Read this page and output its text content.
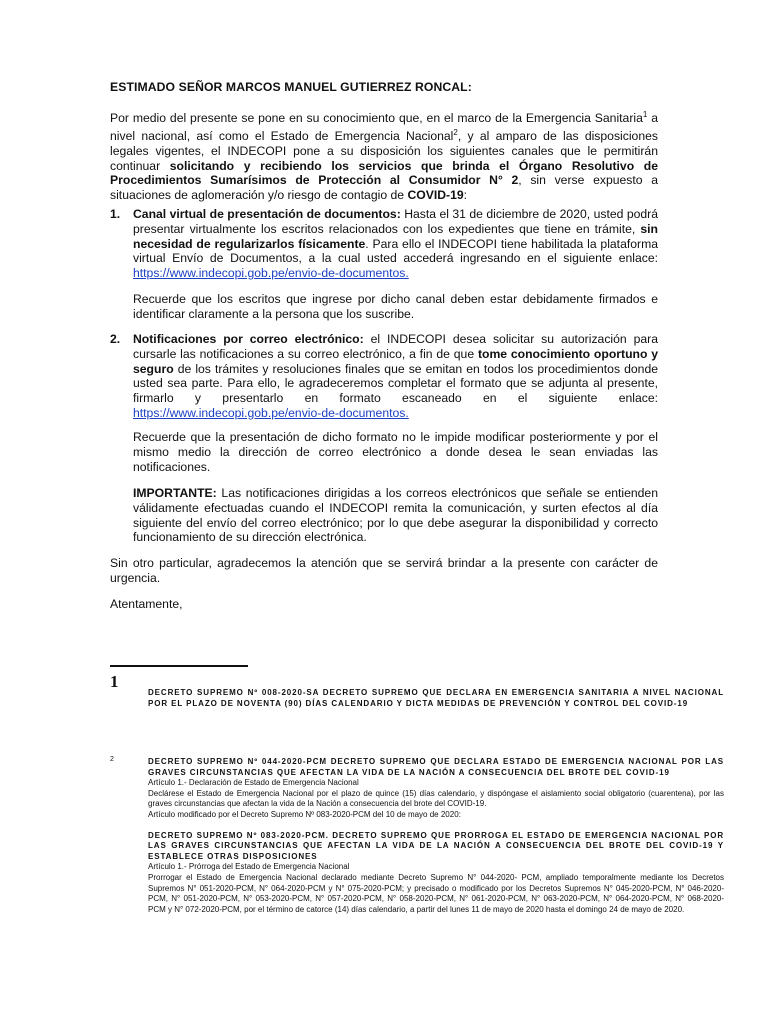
ESTIMADO SEÑOR MARCOS MANUEL GUTIERREZ RONCAL:

Por medio del presente se pone en su conocimiento que, en el marco de la Emergencia Sanitaria$^1$ a nivel nacional, así como el Estado de Emergencia Nacional$^2$, y al amparo de las disposiciones legales vigentes, el INDECOPI pone a su disposición los siguientes canales que le permitirán continuar solicitando y recibiendo los servicios que brinda el Órgano Resolutivo de Procedimientos Sumarísimos de Protección al Consumidor N° 2, sin verse expuesto a situaciones de aglomeración y/o riesgo de contagio de COVID-19:

1. Canal virtual de presentación de documentos: Hasta el 31 de diciembre de 2020, usted podrá presentar virtualmente los escritos relacionados con los expedientes que tiene en trámite, sin necesidad de regularizarlos físicamente. Para ello el INDECOPI tiene habilitada la plataforma virtual Envío de Documentos, a la cual usted accederá ingresando en el siguiente enlace: https://www.indecopi.gob.pe/envio-de-documentos.

Recuerde que los escritos que ingrese por dicho canal deben estar debidamente firmados e identificar claramente a la persona que los suscribe.

2. Notificaciones por correo electrónico: el INDECOPI desea solicitar su autorización para cursarle las notificaciones a su correo electrónico, a fin de que tome conocimiento oportuno y seguro de los trámites y resoluciones finales que se emitan en todos los procedimientos donde usted sea parte. Para ello, le agradeceremos completar el formato que se adjunta al presente, firmarlo y presentarlo en formato escaneado en el siguiente enlace: https://www.indecopi.gob.pe/envio-de-documentos.

Recuerde que la presentación de dicho formato no le impide modificar posteriormente y por el mismo medio la dirección de correo electrónico a donde desea le sean enviadas las notificaciones.

IMPORTANTE: Las notificaciones dirigidas a los correos electrónicos que señale se entienden válidamente efectuadas cuando el INDECOPI remita la comunicación, y surten efectos al día siguiente del envío del correo electrónico; por lo que debe asegurar la disponibilidad y correcto funcionamiento de su dirección electrónica.

Sin otro particular, agradecemos la atención que se servirá brindar a la presente con carácter de urgencia.

Atentamente,

1
DECRETO SUPREMO Nº 008-2020-SA DECRETO SUPREMO QUE DECLARA EN EMERGENCIA SANITARIA A NIVEL NACIONAL POR EL PLAZO DE NOVENTA (90) DÍAS CALENDARIO Y DICTA MEDIDAS DE PREVENCIÓN Y CONTROL DEL COVID-19
2	DECRETO SUPREMO Nº 044-2020-PCM DECRETO SUPREMO QUE DECLARA ESTADO DE EMERGENCIA NACIONAL POR LAS GRAVES CIRCUNSTANCIAS QUE AFECTAN LA VIDA DE LA NACIÓN A CONSECUENCIA DEL BROTE DEL COVID-19
Artículo 1.- Declaración de Estado de Emergencia Nacional
Declárese el Estado de Emergencia Nacional por el plazo de quince (15) días calendario, y dispóngase el aislamiento social obligatorio (cuarentena), por las graves circunstancias que afectan la vida de la Nación a consecuencia del brote del COVID-19.
Artículo modificado por el Decreto Supremo Nº 083-2020-PCM del 10 de mayo de 2020:
DECRETO SUPREMO Nº 083-2020-PCM. DECRETO SUPREMO QUE PRORROGA EL ESTADO DE EMERGENCIA NACIONAL POR LAS GRAVES CIRCUNSTANCIAS QUE AFECTAN LA VIDA DE LA NACIÓN A CONSECUENCIA DEL BROTE DEL COVID-19 Y ESTABLECE OTRAS DISPOSICIONES
Artículo 1.- Prórroga del Estado de Emergencia Nacional
Prorrogar el Estado de Emergencia Nacional declarado mediante Decreto Supremo N° 044-2020- PCM, ampliado temporalmente mediante los Decretos Supremos N° 051-2020-PCM, N° 064-2020-PCM y N° 075-2020-PCM; y precisado o modificado por los Decretos Supremos N° 045-2020-PCM, N° 046-2020-PCM, N° 051-2020-PCM, N° 053-2020-PCM, N° 057-2020-PCM, N° 058-2020-PCM, N° 061-2020-PCM, N° 063-2020-PCM, N° 064-2020-PCM, N° 068-2020-PCM y N° 072-2020-PCM, por el término de catorce (14) días calendario, a partir del lunes 11 de mayo de 2020 hasta el domingo 24 de mayo de 2020.
